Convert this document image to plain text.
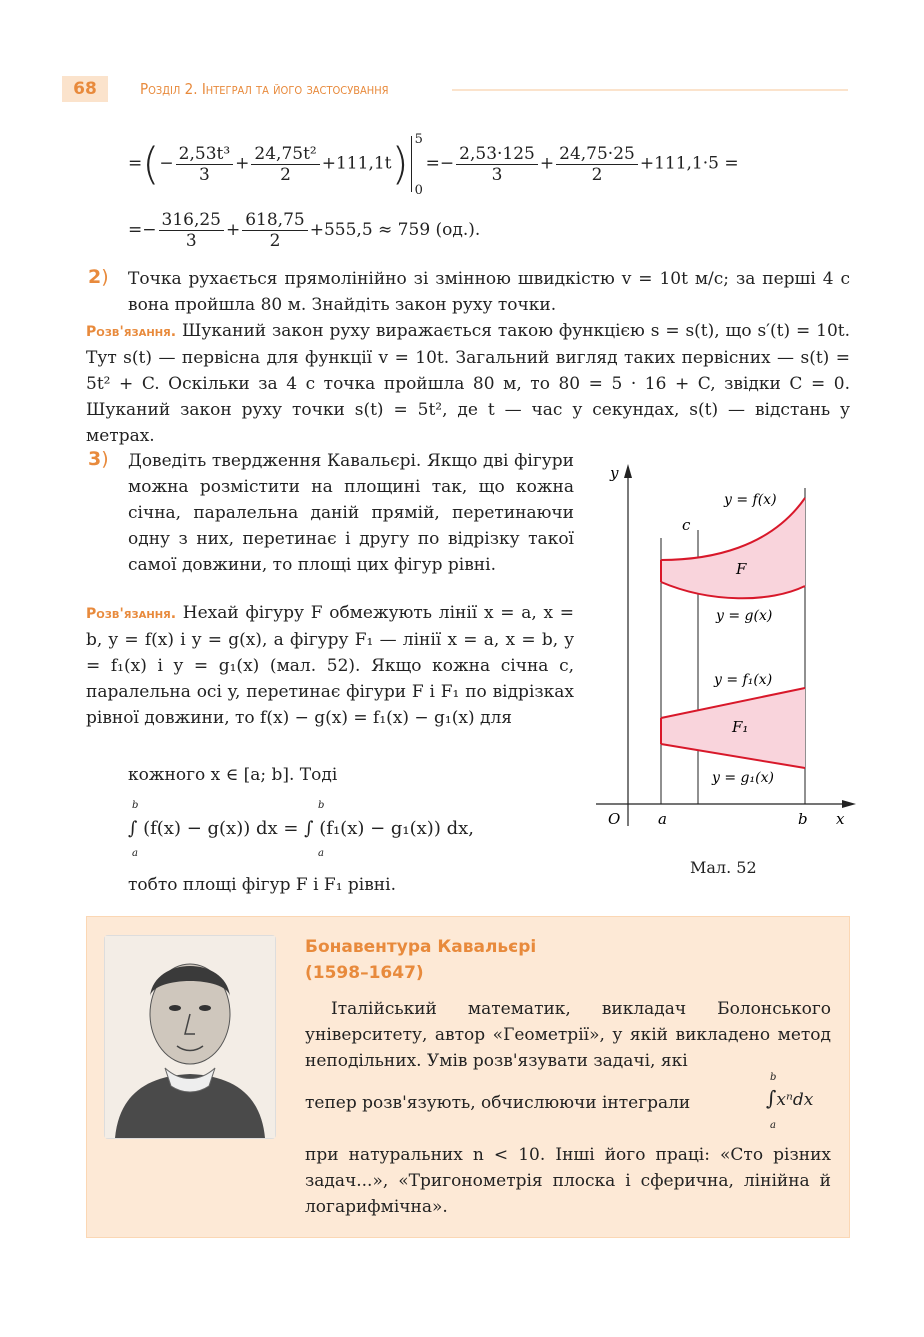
68	Розділ 2. Інтеграл та його застосування
=(− $\frac{\text{2,53t³}}{3} + \frac{\text{24,75t²}}{2} +111,1t$) 5
0
=− $\frac{2,53\cdot 125}{3} + \frac{24,75\cdot 25}{2} +111,1\cdot 5$ =
=− $\frac{316,25}{3} + \frac{618,75}{2} +555,5 \approx 759$ (од.).
2) Точка рухається прямолінійно зі змінною швидкістю v = 10t м/с; за перші 4 с вона пройшла 80 м. Знайдіть закон руху точки.
Розв'язання. Шуканий закон руху виражається такою функцією s = s(t), що s′(t) = 10t. Тут s(t) — первісна для функції v = 10t. Загальний вигляд таких первісних — s(t) = 5t² + C. Оскільки за 4 с точка пройшла 80 м, то 80 = 5 · 16 + C, звідки C = 0. Шуканий закон руху точки s(t) = 5t², де t — час у секундах, s(t) — відстань у метрах.
3) Доведіть твердження Кавальєрі. Якщо дві фігури можна розмістити на площині так, що кожна січна, паралельна даній прямій, перетинаючи одну з них, перетинає і другу по відрізку такої самої довжини, то площі цих фігур рівні.
Розв'язання. Нехай фігуру F обмежують лінії x = a, x = b, y = f(x) і y = g(x), а фігуру F₁ — лінії x = a, x = b, y = f₁(x) і y = g₁(x) (мал. 52). Якщо кожна січна c, паралельна осі y, перетинає фігури F і F₁ по відрізках рівної довжини, то f(x) − g(x) = f₁(x) − g₁(x) для
кожного x ∈ [a; b]. Тоді
∫ (f(x) − g(x)) dx = ∫ (f₁(x) − g₁(x)) dx,
b
a
b
a
тобто площі фігур F і F₁ рівні.
y
x
O	a	b
c
y = f(x)
F
y = g(x)
y = f₁(x)
F₁
y = g₁(x)
Мал. 52
Бонавентура Кавальєрі
(1598–1647)
Італійський математик, викладач Болонського університету, автор «Геометрії», у якій викладено метод неподільних. Умів розв'язувати задачі, які
тепер розв'язують, обчислюючи інтеграли
b
∫xⁿdx
a
при натуральних n < 10. Інші його праці: «Сто різних задач...», «Тригонометрія плоска і сферична, лінійна й логарифмічна».
